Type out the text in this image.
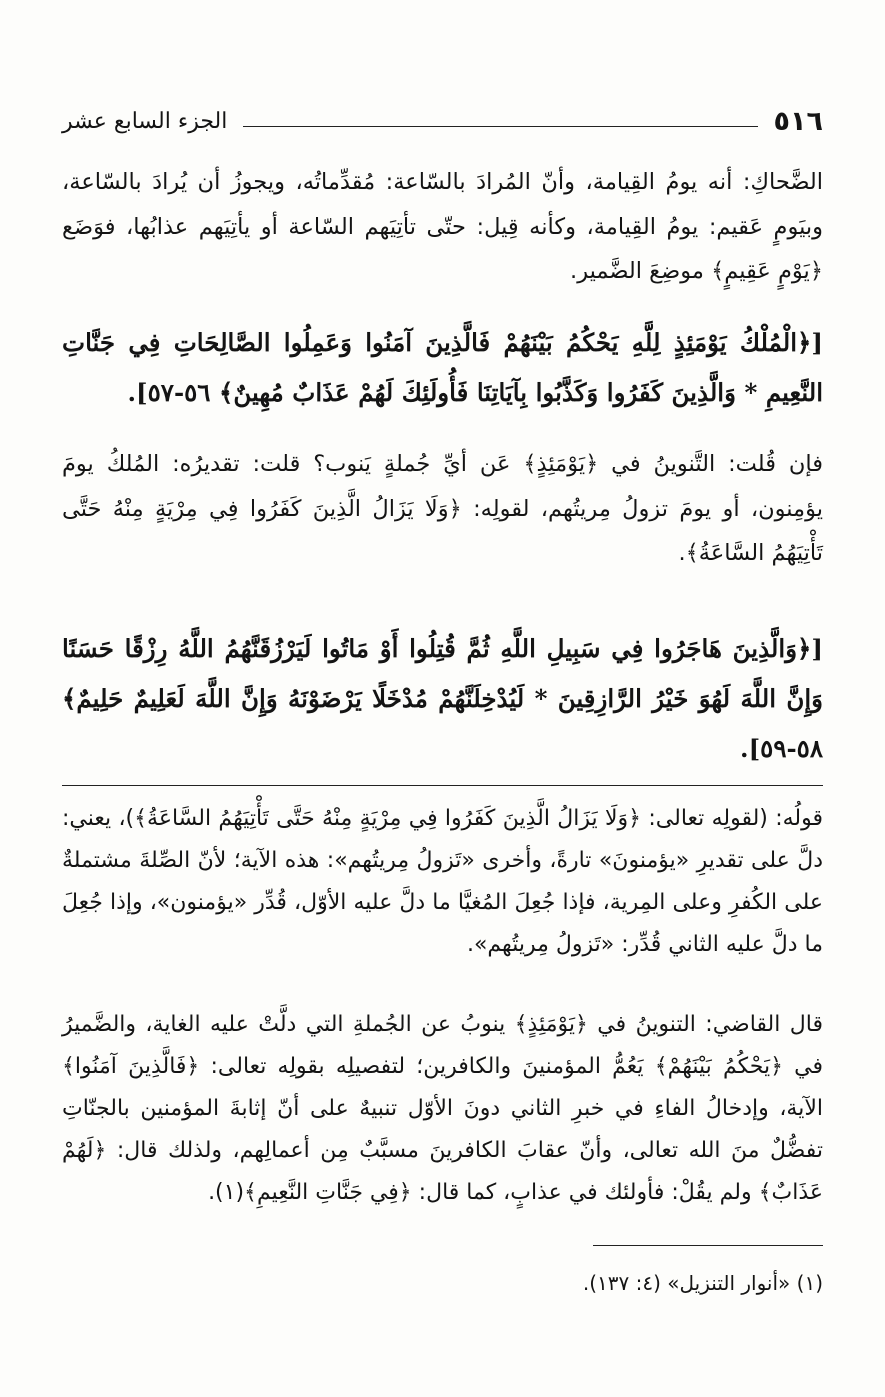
٥١٦
الجزء السابع عشر

الضَّحاكِ: أنه يومُ القِيامة، وأنّ المُرادَ بالسّاعة: مُقدِّماتُه، ويجوزُ أن يُرادَ بالسّاعة، وبيَومٍ عَقيم: يومُ القِيامة، وكأنه قِيل: حتّى تأتِيَهم السّاعة أو يأتِيَهم عذابُها، فوَضَع ﴿يَوْمٍ عَقِيمٍ﴾ موضِعَ الضَّمير.

[﴿الْمُلْكُ يَوْمَئِذٍ لِلَّهِ يَحْكُمُ بَيْنَهُمْ فَالَّذِينَ آمَنُوا وَعَمِلُوا الصَّالِحَاتِ فِي جَنَّاتِ النَّعِيمِ * وَالَّذِينَ كَفَرُوا وَكَذَّبُوا بِآيَاتِنَا فَأُولَئِكَ لَهُمْ عَذَابٌ مُهِينٌ﴾ ٥٦-٥٧].

فإن قُلت: التَّنوينُ في ﴿يَوْمَئِذٍ﴾ عَن أيِّ جُملةٍ يَنوب؟ قلت: تقديرُه: المُلكُ يومَ يؤمِنون، أو يومَ تزولُ مِريتُهم، لقولِه: ﴿وَلَا يَزَالُ الَّذِينَ كَفَرُوا فِي مِرْيَةٍ مِنْهُ حَتَّى تَأْتِيَهُمُ السَّاعَةُ﴾.

[﴿وَالَّذِينَ هَاجَرُوا فِي سَبِيلِ اللَّهِ ثُمَّ قُتِلُوا أَوْ مَاتُوا لَيَرْزُقَنَّهُمُ اللَّهُ رِزْقًا حَسَنًا وَإِنَّ اللَّهَ لَهُوَ خَيْرُ الرَّازِقِينَ * لَيُدْخِلَنَّهُمْ مُدْخَلًا يَرْضَوْنَهُ وَإِنَّ اللَّهَ لَعَلِيمٌ حَلِيمٌ﴾ ٥٨-٥٩].

قولُه: (لقولِه تعالى: ﴿وَلَا يَزَالُ الَّذِينَ كَفَرُوا فِي مِرْيَةٍ مِنْهُ حَتَّى تَأْتِيَهُمُ السَّاعَةُ﴾)، يعني: دلَّ على تقديرِ «يؤمنونَ» تارةً، وأخرى «تَزولُ مِريتُهم»: هذه الآية؛ لأنّ الصِّلةَ مشتملةٌ على الكُفرِ وعلى المِرية، فإذا جُعِلَ المُغيَّا ما دلَّ عليه الأوّل، قُدِّر «يؤمنون»، وإذا جُعِلَ ما دلَّ عليه الثاني قُدِّر: «تَزولُ مِريتُهم».

قال القاضي: التنوينُ في ﴿يَوْمَئِذٍ﴾ ينوبُ عن الجُملةِ التي دلَّتْ عليه الغاية، والضَّميرُ في ﴿يَحْكُمُ بَيْنَهُمْ﴾ يَعُمُّ المؤمنينَ والكافرين؛ لتفصيلِه بقولِه تعالى: ﴿فَالَّذِينَ آمَنُوا﴾ الآية، وإدخالُ الفاءِ في خبرِ الثاني دونَ الأوّل تنبيهٌ على أنّ إثابةَ المؤمنين بالجنّاتِ تفضُّلٌ منَ الله تعالى، وأنّ عقابَ الكافرينَ مسبَّبٌ مِن أعمالِهم، ولذلك قال: ﴿لَهُمْ عَذَابٌ﴾ ولم يقُلْ: فأولئك في عذابٍ، كما قال: ﴿فِي جَنَّاتِ النَّعِيمِ﴾(١).

(١) «أنوار التنزيل» (٤: ١٣٧).
